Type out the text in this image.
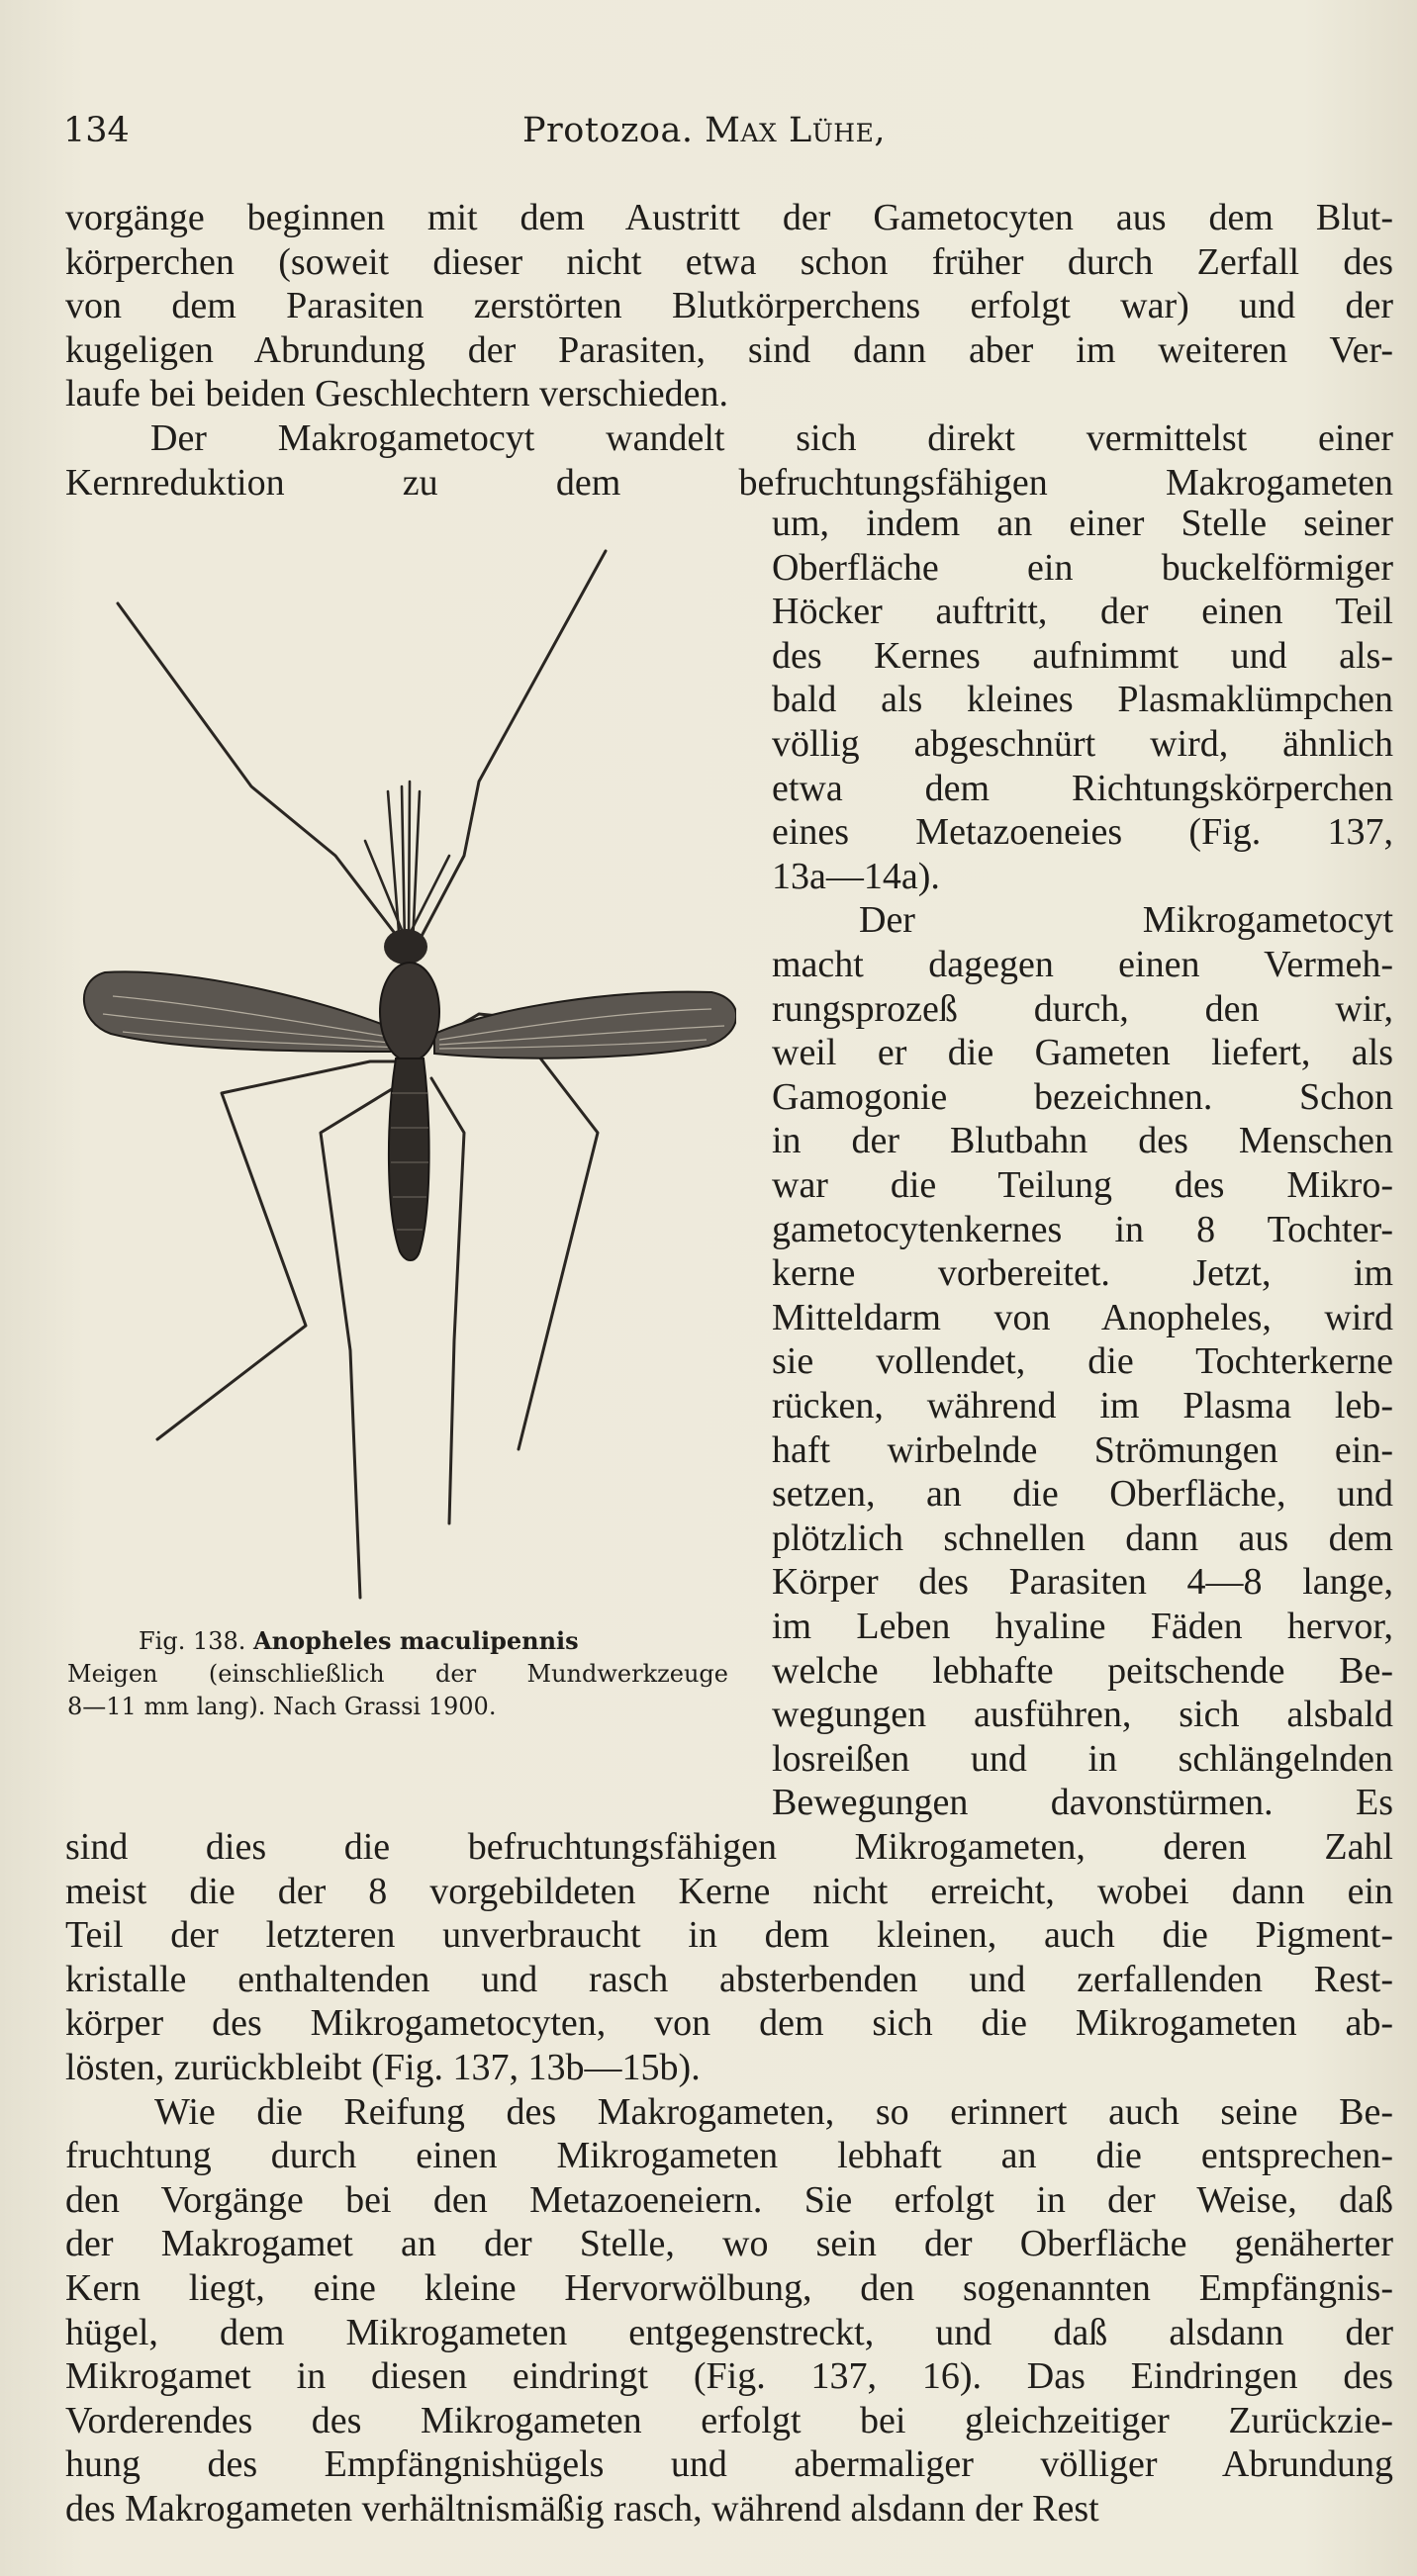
134	Protozoa. Max Lühe,

vorgänge beginnen mit dem Austritt der Gametocyten aus dem Blut-

körperchen (soweit dieser nicht etwa schon früher durch Zerfall des

von dem Parasiten zerstörten Blutkörperchens erfolgt war) und der

kugeligen Abrundung der Parasiten, sind dann aber im weiteren Ver-

laufe bei beiden Geschlechtern verschieden.

Der Makrogametocyt wandelt sich direkt vermittelst einer

Kernreduktion zu dem befruchtungsfähigen Makrogameten

um, indem an einer Stelle seiner

Oberfläche ein buckelförmiger

Höcker auftritt, der einen Teil

des Kernes aufnimmt und als-

bald als kleines Plasmaklümpchen

völlig abgeschnürt wird, ähnlich

etwa dem Richtungskörperchen

eines Metazoeneies (Fig. 137,

13a—14a).

Der Mikrogametocyt

macht dagegen einen Vermeh-

rungsprozeß durch, den wir,

weil er die Gameten liefert, als

Gamogonie bezeichnen. Schon

in der Blutbahn des Menschen

war die Teilung des Mikro-

gametocytenkernes in 8 Tochter-

kerne vorbereitet. Jetzt, im

Mitteldarm von Anopheles, wird

sie vollendet, die Tochterkerne

rücken, während im Plasma leb-

haft wirbelnde Strömungen ein-

setzen, an die Oberfläche, und

plötzlich schnellen dann aus dem

Körper des Parasiten 4—8 lange,

im Leben hyaline Fäden hervor,

welche lebhafte peitschende Be-

wegungen ausführen, sich alsbald

losreißen und in schlängelnden

Bewegungen davonstürmen. Es

sind dies die befruchtungsfähigen Mikrogameten, deren Zahl

meist die der 8 vorgebildeten Kerne nicht erreicht, wobei dann ein

Teil der letzteren unverbraucht in dem kleinen, auch die Pigment-

kristalle enthaltenden und rasch absterbenden und zerfallenden Rest-

körper des Mikrogametocyten, von dem sich die Mikrogameten ab-

lösten, zurückbleibt (Fig. 137, 13b—15b).

Wie die Reifung des Makrogameten, so erinnert auch seine Be-

fruchtung durch einen Mikrogameten lebhaft an die entsprechen-

den Vorgänge bei den Metazoeneiern. Sie erfolgt in der Weise, daß

der Makrogamet an der Stelle, wo sein der Oberfläche genäherter

Kern liegt, eine kleine Hervorwölbung, den sogenannten Empfängnis-

hügel, dem Mikrogameten entgegenstreckt, und daß alsdann der

Mikrogamet in diesen eindringt (Fig. 137, 16). Das Eindringen des

Vorderendes des Mikrogameten erfolgt bei gleichzeitiger Zurückzie-

hung des Empfängnishügels und abermaliger völliger Abrundung

des Makrogameten verhältnismäßig rasch, während alsdann der Rest

Fig. 138. Anopheles maculipennis
Meigen (einschließlich der Mundwerkzeuge
8—11 mm lang). Nach Grassi 1900.
